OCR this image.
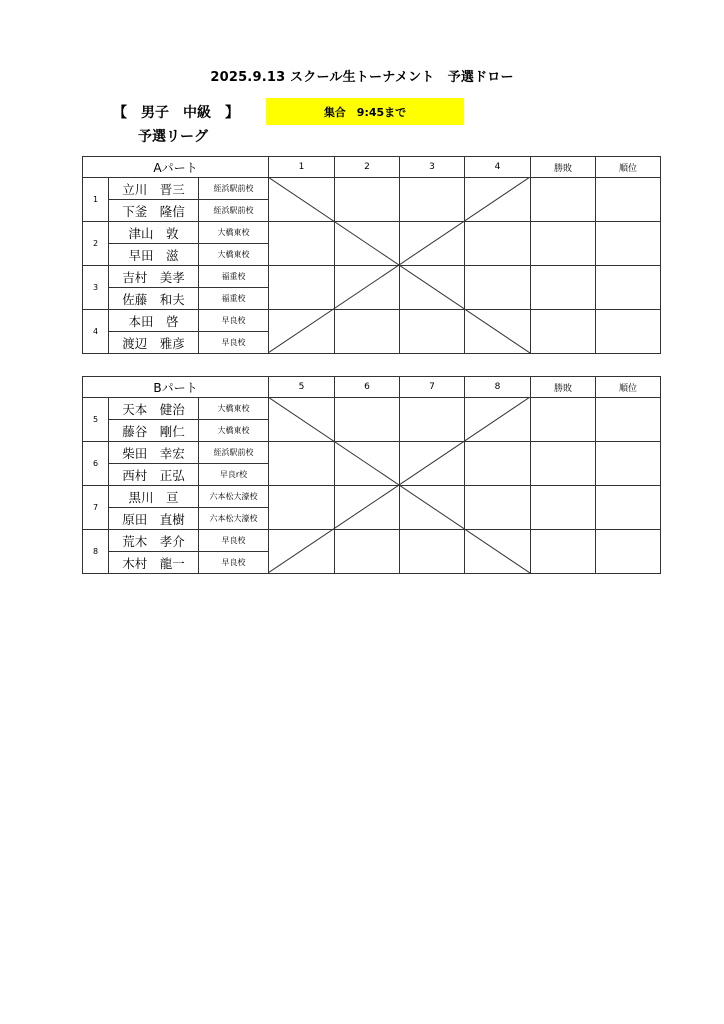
2025.9.13 スクール生トーナメント　予選ドロー
【　男子　中級　】	集合　9:45まで
予選リーグ
Aパート			1	2	3	4	勝敗	順位
1	立川　晋三	絰浜駅前校						
	下釜　隆信	絰浜駅前校						
2	津山　敦	大橋東校						
	早田　滋	大橋東校						
3	吉村　美孝	福重校						
	佐藤　和夫	福重校						
4	本田　啓	早良校						
	渡辺　雅彦	早良校						
Bパート			5	6	7	8	勝敗	順位
5	天本　健治	大橋東校						
	藤谷　剛仁	大橋東校						
6	柴田　幸宏	絰浜駅前校						
	西村　正弘	早良r校						
7	黒川　亘	六本松大濠校						
	原田　直樹	六本松大濠校						
8	荒木　孝介	早良校						
	木村　龍一	早良校						
